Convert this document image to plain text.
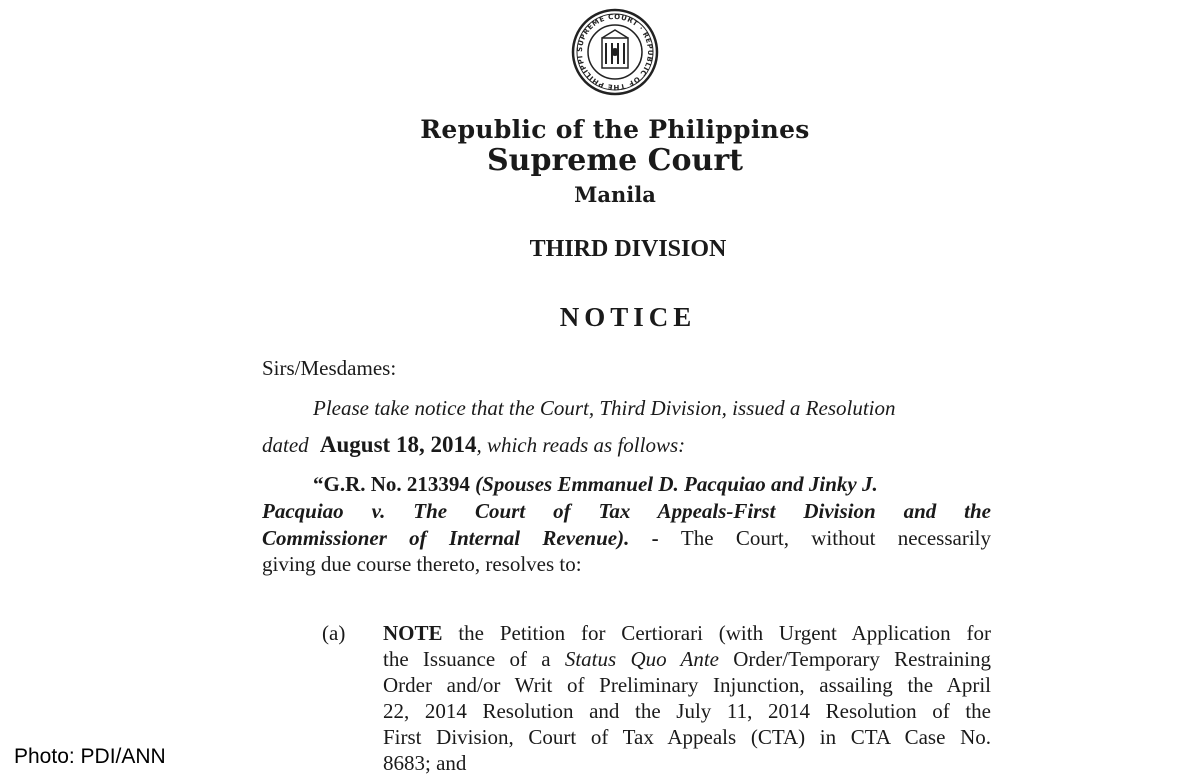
SUPREME COURT · REPUBLIC OF THE PHILIPPI
Republic of the Philippines
Supreme Court
Manila
THIRD DIVISION
NOTICE
Sirs/Mesdames:
Please take notice that the Court, Third Division, issued a Resolution
dated August 18, 2014, which reads as follows:
“G.R. No. 213394 (Spouses Emmanuel D. Pacquiao and Jinky J.
Pacquiao v. The Court of Tax Appeals-First Division and the
Commissioner of Internal Revenue). - The Court, without necessarily
giving due course thereto, resolves to:
(a) NOTE the Petition for Certiorari (with Urgent Application for
the Issuance of a Status Quo Ante Order/Temporary Restraining
Order and/or Writ of Preliminary Injunction, assailing the April
22, 2014 Resolution and the July 11, 2014 Resolution of the
First Division, Court of Tax Appeals (CTA) in CTA Case No.
8683; and
Photo: PDI/ANN
